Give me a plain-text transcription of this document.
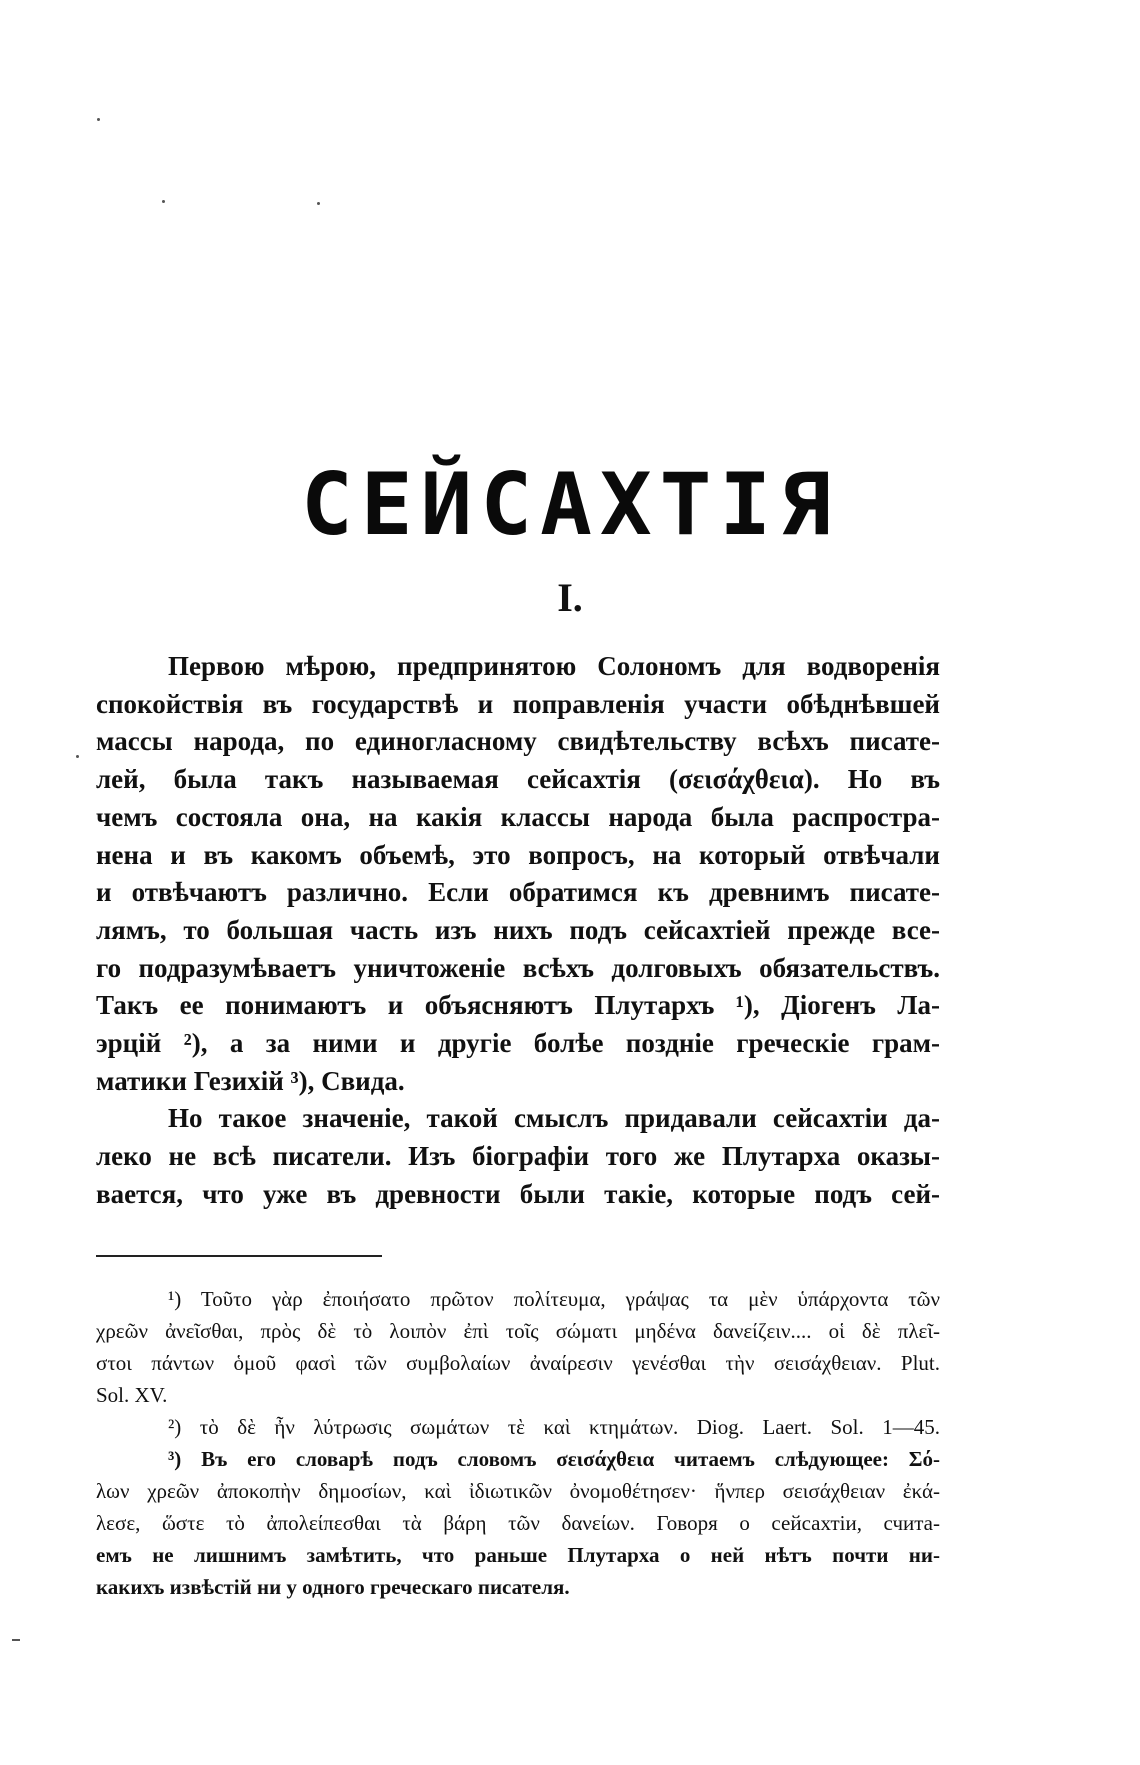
СЕЙСАХТІЯ
I.
Первою мѣрою, предпринятою Солономъ для водворенія
спокойствія въ государствѣ и поправленія участи обѣднѣвшей
массы народа, по единогласному свидѣтельству всѣхъ писате-
лей, была такъ называемая сейсахтія (σεισάχθεια). Но въ
чемъ состояла она, на какія классы народа была распростра-
нена и въ какомъ объемѣ, это вопросъ, на который отвѣчали
и отвѣчаютъ различно. Если обратимся къ древнимъ писате-
лямъ, то большая часть изъ нихъ подъ сейсахтіей прежде все-
го подразумѣваетъ уничтоженіе всѣхъ долговыхъ обязательствъ.
Такъ ее понимаютъ и объясняютъ Плутархъ ¹), Діогенъ Ла-
эрцій ²), а за ними и другіе болѣе поздніе греческіе грам-
матики Гезихій ³), Свида.
Но такое значеніе, такой смыслъ придавали сейсахтіи да-
леко не всѣ писатели. Изъ біографіи того же Плутарха оказы-
вается, что уже въ древности были такіе, которые подъ сей-
¹) Τοῦτο γὰρ ἐποιήσατο πρῶτον πολίτευμα, γράψας τα μὲν ὑπάρχοντα τῶν
χρεῶν ἀνεῖσθαι, πρὸς δὲ τὸ λοιπὸν ἐπὶ τοῖς σώματι μηδένα δανείζειν.... οἱ δὲ πλεῖ-
στοι πάντων ὁμοῦ φασὶ τῶν συμβολαίων ἀναίρεσιν γενέσθαι τὴν σεισάχθειαν. Plut.
Sol. XV.
²) τὸ δὲ ἦν λύτρωσις σωμάτων τὲ καὶ κτημάτων. Diog. Laert. Sol. 1—45.
³) Въ его словарѣ подъ словомъ σεισάχθεια читаемъ слѣдующее: Σό-
λων χρεῶν ἀποκοπὴν δημοσίων, καὶ ἰδιωτικῶν ὀνομοθέτησεν· ἥνπερ σεισάχθειαν ἐκά-
λεσε, ὥστε τὸ ἀπολείπεσθαι τὰ βάρη τῶν δανείων. Говоря о сейсахтіи, счита-
емъ не лишнимъ замѣтить, что раньше Плутарха о ней нѣтъ почти ни-
какихъ извѣстій ни у одного греческаго писателя.
